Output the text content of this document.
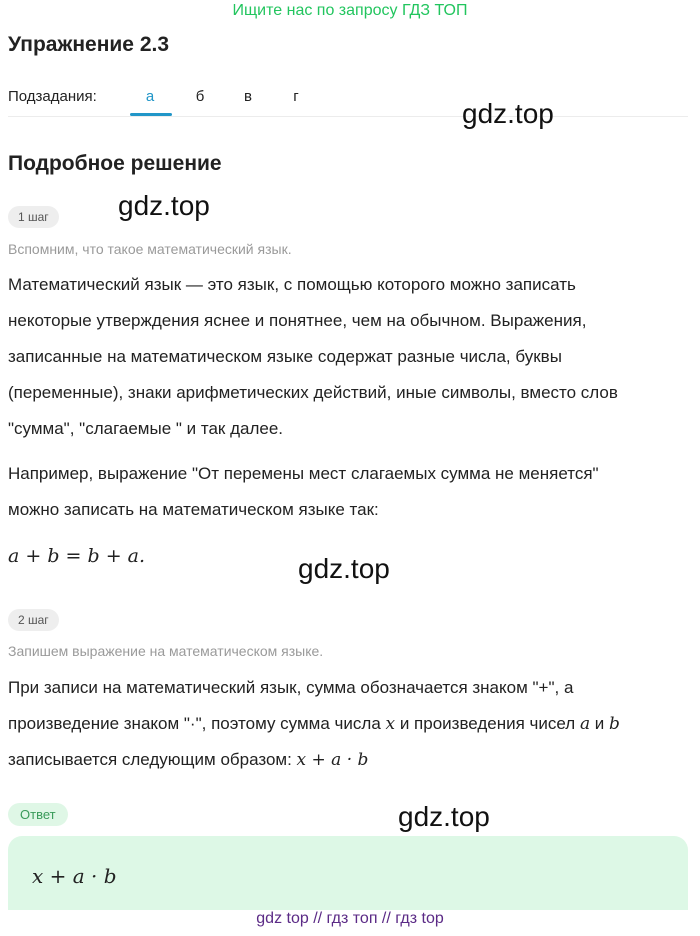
Ищите нас по запросу ГДЗ ТОП
Упражнение 2.3
Подзадания:	а	б	в	г
gdz.top
Подробное решение
1 шаг	gdz.top
Вспомним, что такое математический язык.
Математический язык — это язык, с помощью которого можно записать
некоторые утверждения яснее и понятнее, чем на обычном. Выражения,
записанные на математическом языке содержат разные числа, буквы
(переменные), знаки арифметических действий, иные символы, вместо слов
"сумма", "слагаемые " и так далее.
Например, выражение "От перемены мест слагаемых сумма не меняется"
можно записать на математическом языке так:
a + b = b + a.	gdz.top
2 шаг
Запишем выражение на математическом языке.
При записи на математический язык, сумма обозначается знаком "+", а
произведение знаком "·", поэтому сумма числа x и произведения чисел a и b
записывается следующим образом: x + a · b
Ответ	gdz.top
x + a · b
gdz top // гдз топ // гдз top
